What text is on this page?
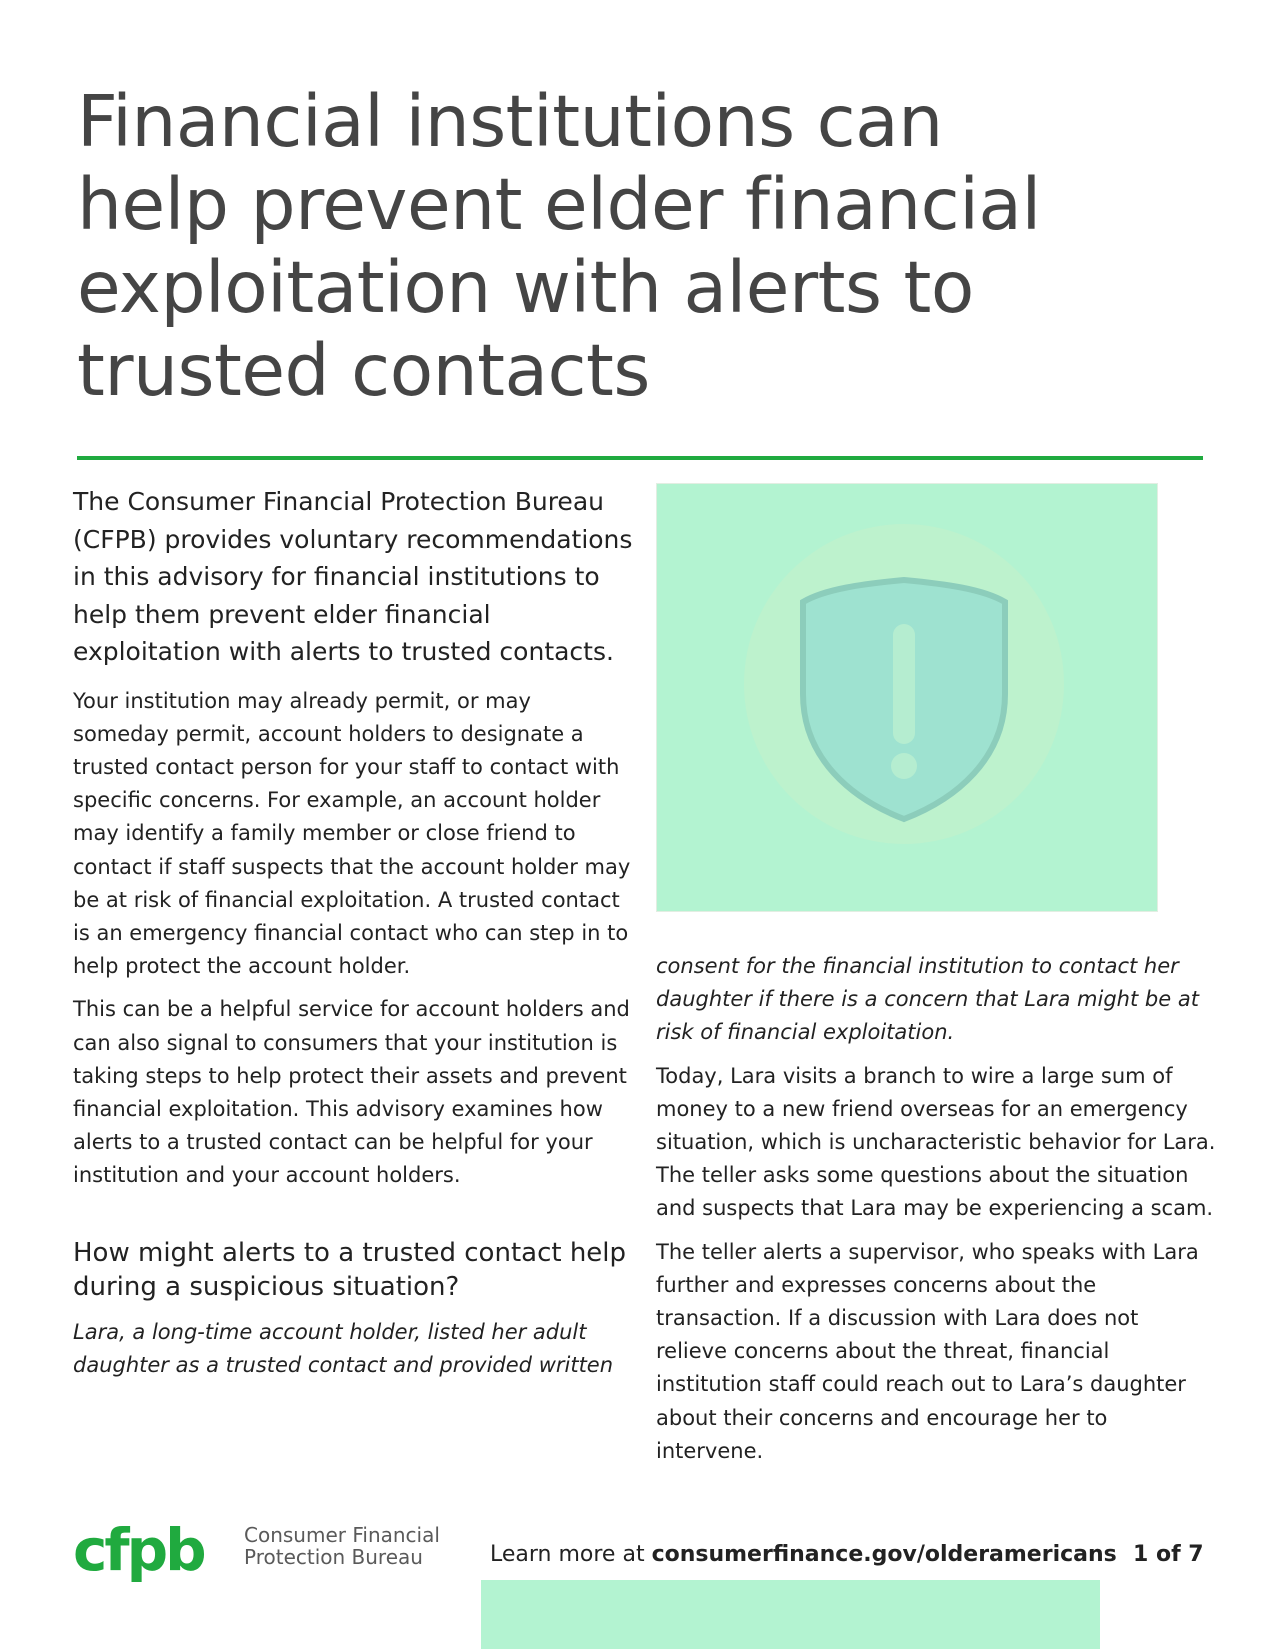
Financial institutions can
help prevent elder financial
exploitation with alerts to
trusted contacts

The Consumer Financial Protection Bureau (CFPB) provides voluntary recommendations in this advisory for financial institutions to help them prevent elder financial exploitation with alerts to trusted contacts.

Your institution may already permit, or may someday permit, account holders to designate a trusted contact person for your staff to contact with specific concerns. For example, an account holder may identify a family member or close friend to contact if staff suspects that the account holder may be at risk of financial exploitation. A trusted contact is an emergency financial contact who can step in to help protect the account holder.

This can be a helpful service for account holders and can also signal to consumers that your institution is taking steps to help protect their assets and prevent financial exploitation. This advisory examines how alerts to a trusted contact can be helpful for your institution and your account holders.

How might alerts to a trusted contact help during a suspicious situation?

Lara, a long-time account holder, listed her adult daughter as a trusted contact and provided written

consent for the financial institution to contact her daughter if there is a concern that Lara might be at risk of financial exploitation.

Today, Lara visits a branch to wire a large sum of money to a new friend overseas for an emergency situation, which is uncharacteristic behavior for Lara. The teller asks some questions about the situation and suspects that Lara may be experiencing a scam.

The teller alerts a supervisor, who speaks with Lara further and expresses concerns about the transaction. If a discussion with Lara does not relieve concerns about the threat, financial institution staff could reach out to Lara’s daughter about their concerns and encourage her to intervene.

cfpb Consumer Financial
Protection Bureau	Learn more at consumerfinance.gov/olderamericans 1 of 7
